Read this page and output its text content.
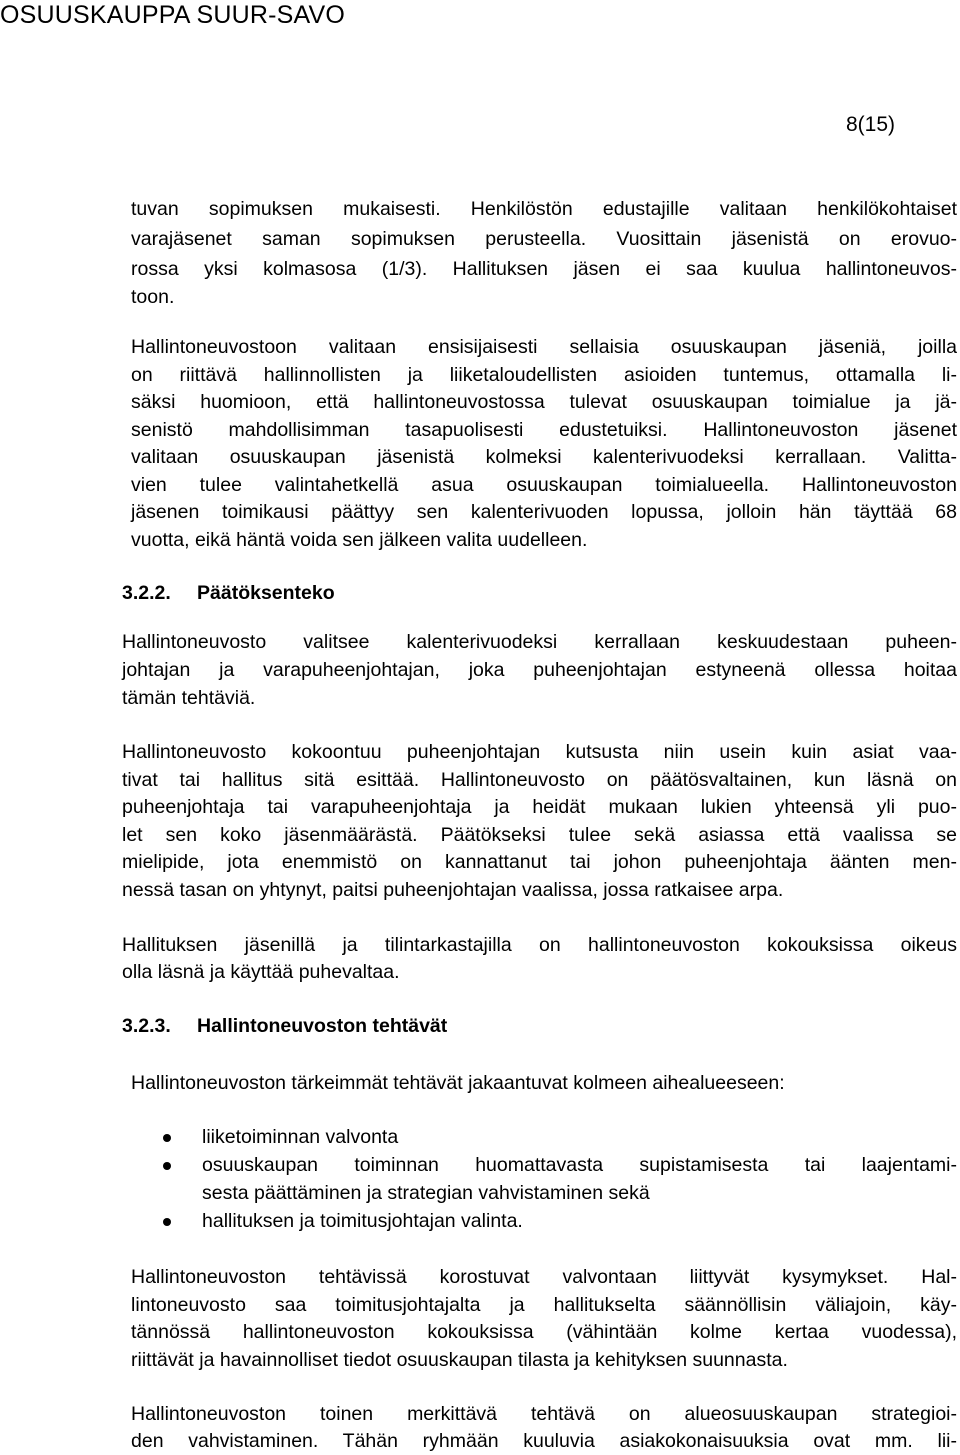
OSUUSKAUPPA SUUR-SAVO
8(15)
tuvan sopimuksen mukaisesti. Henkilöstön edustajille valitaan henkilökohtaiset
varajäsenet saman sopimuksen perusteella. Vuosittain jäsenistä on erovuo-
rossa yksi kolmasosa (1/3). Hallituksen jäsen ei saa kuulua hallintoneuvos-
toon.
Hallintoneuvostoon valitaan ensisijaisesti sellaisia osuuskaupan jäseniä, joilla
on riittävä hallinnollisten ja liiketaloudellisten asioiden tuntemus, ottamalla li-
säksi huomioon, että hallintoneuvostossa tulevat osuuskaupan toimialue ja jä-
senistö mahdollisimman tasapuolisesti edustetuiksi. Hallintoneuvoston jäsenet
valitaan osuuskaupan jäsenistä kolmeksi kalenterivuodeksi kerrallaan. Valitta-
vien tulee valintahetkellä asua osuuskaupan toimialueella. Hallintoneuvoston
jäsenen toimikausi päättyy sen kalenterivuoden lopussa, jolloin hän täyttää 68
vuotta, eikä häntä voida sen jälkeen valita uudelleen.
3.2.2. Päätöksenteko
Hallintoneuvosto valitsee kalenterivuodeksi kerrallaan keskuudestaan puheen-
johtajan ja varapuheenjohtajan, joka puheenjohtajan estyneenä ollessa hoitaa
tämän tehtäviä.
Hallintoneuvosto kokoontuu puheenjohtajan kutsusta niin usein kuin asiat vaa-
tivat tai hallitus sitä esittää. Hallintoneuvosto on päätösvaltainen, kun läsnä on
puheenjohtaja tai varapuheenjohtaja ja heidät mukaan lukien yhteensä yli puo-
let sen koko jäsenmäärästä. Päätökseksi tulee sekä asiassa että vaalissa se
mielipide, jota enemmistö on kannattanut tai johon puheenjohtaja äänten men-
nessä tasan on yhtynyt, paitsi puheenjohtajan vaalissa, jossa ratkaisee arpa.
Hallituksen jäsenillä ja tilintarkastajilla on hallintoneuvoston kokouksissa oikeus
olla läsnä ja käyttää puhevaltaa.
3.2.3. Hallintoneuvoston tehtävät
Hallintoneuvoston tärkeimmät tehtävät jakaantuvat kolmeen aihealueeseen:
liiketoiminnan valvonta
osuuskaupan toiminnan huomattavasta supistamisesta tai laajentami-
sesta päättäminen ja strategian vahvistaminen sekä
hallituksen ja toimitusjohtajan valinta.
Hallintoneuvoston tehtävissä korostuvat valvontaan liittyvät kysymykset. Hal-
lintoneuvosto saa toimitusjohtajalta ja hallitukselta säännöllisin väliajoin, käy-
tännössä hallintoneuvoston kokouksissa (vähintään kolme kertaa vuodessa),
riittävät ja havainnolliset tiedot osuuskaupan tilasta ja kehityksen suunnasta.
Hallintoneuvoston toinen merkittävä tehtävä on alueosuuskaupan strategioi-
den vahvistaminen. Tähän ryhmään kuuluvia asiakokonaisuuksia ovat mm. lii-
